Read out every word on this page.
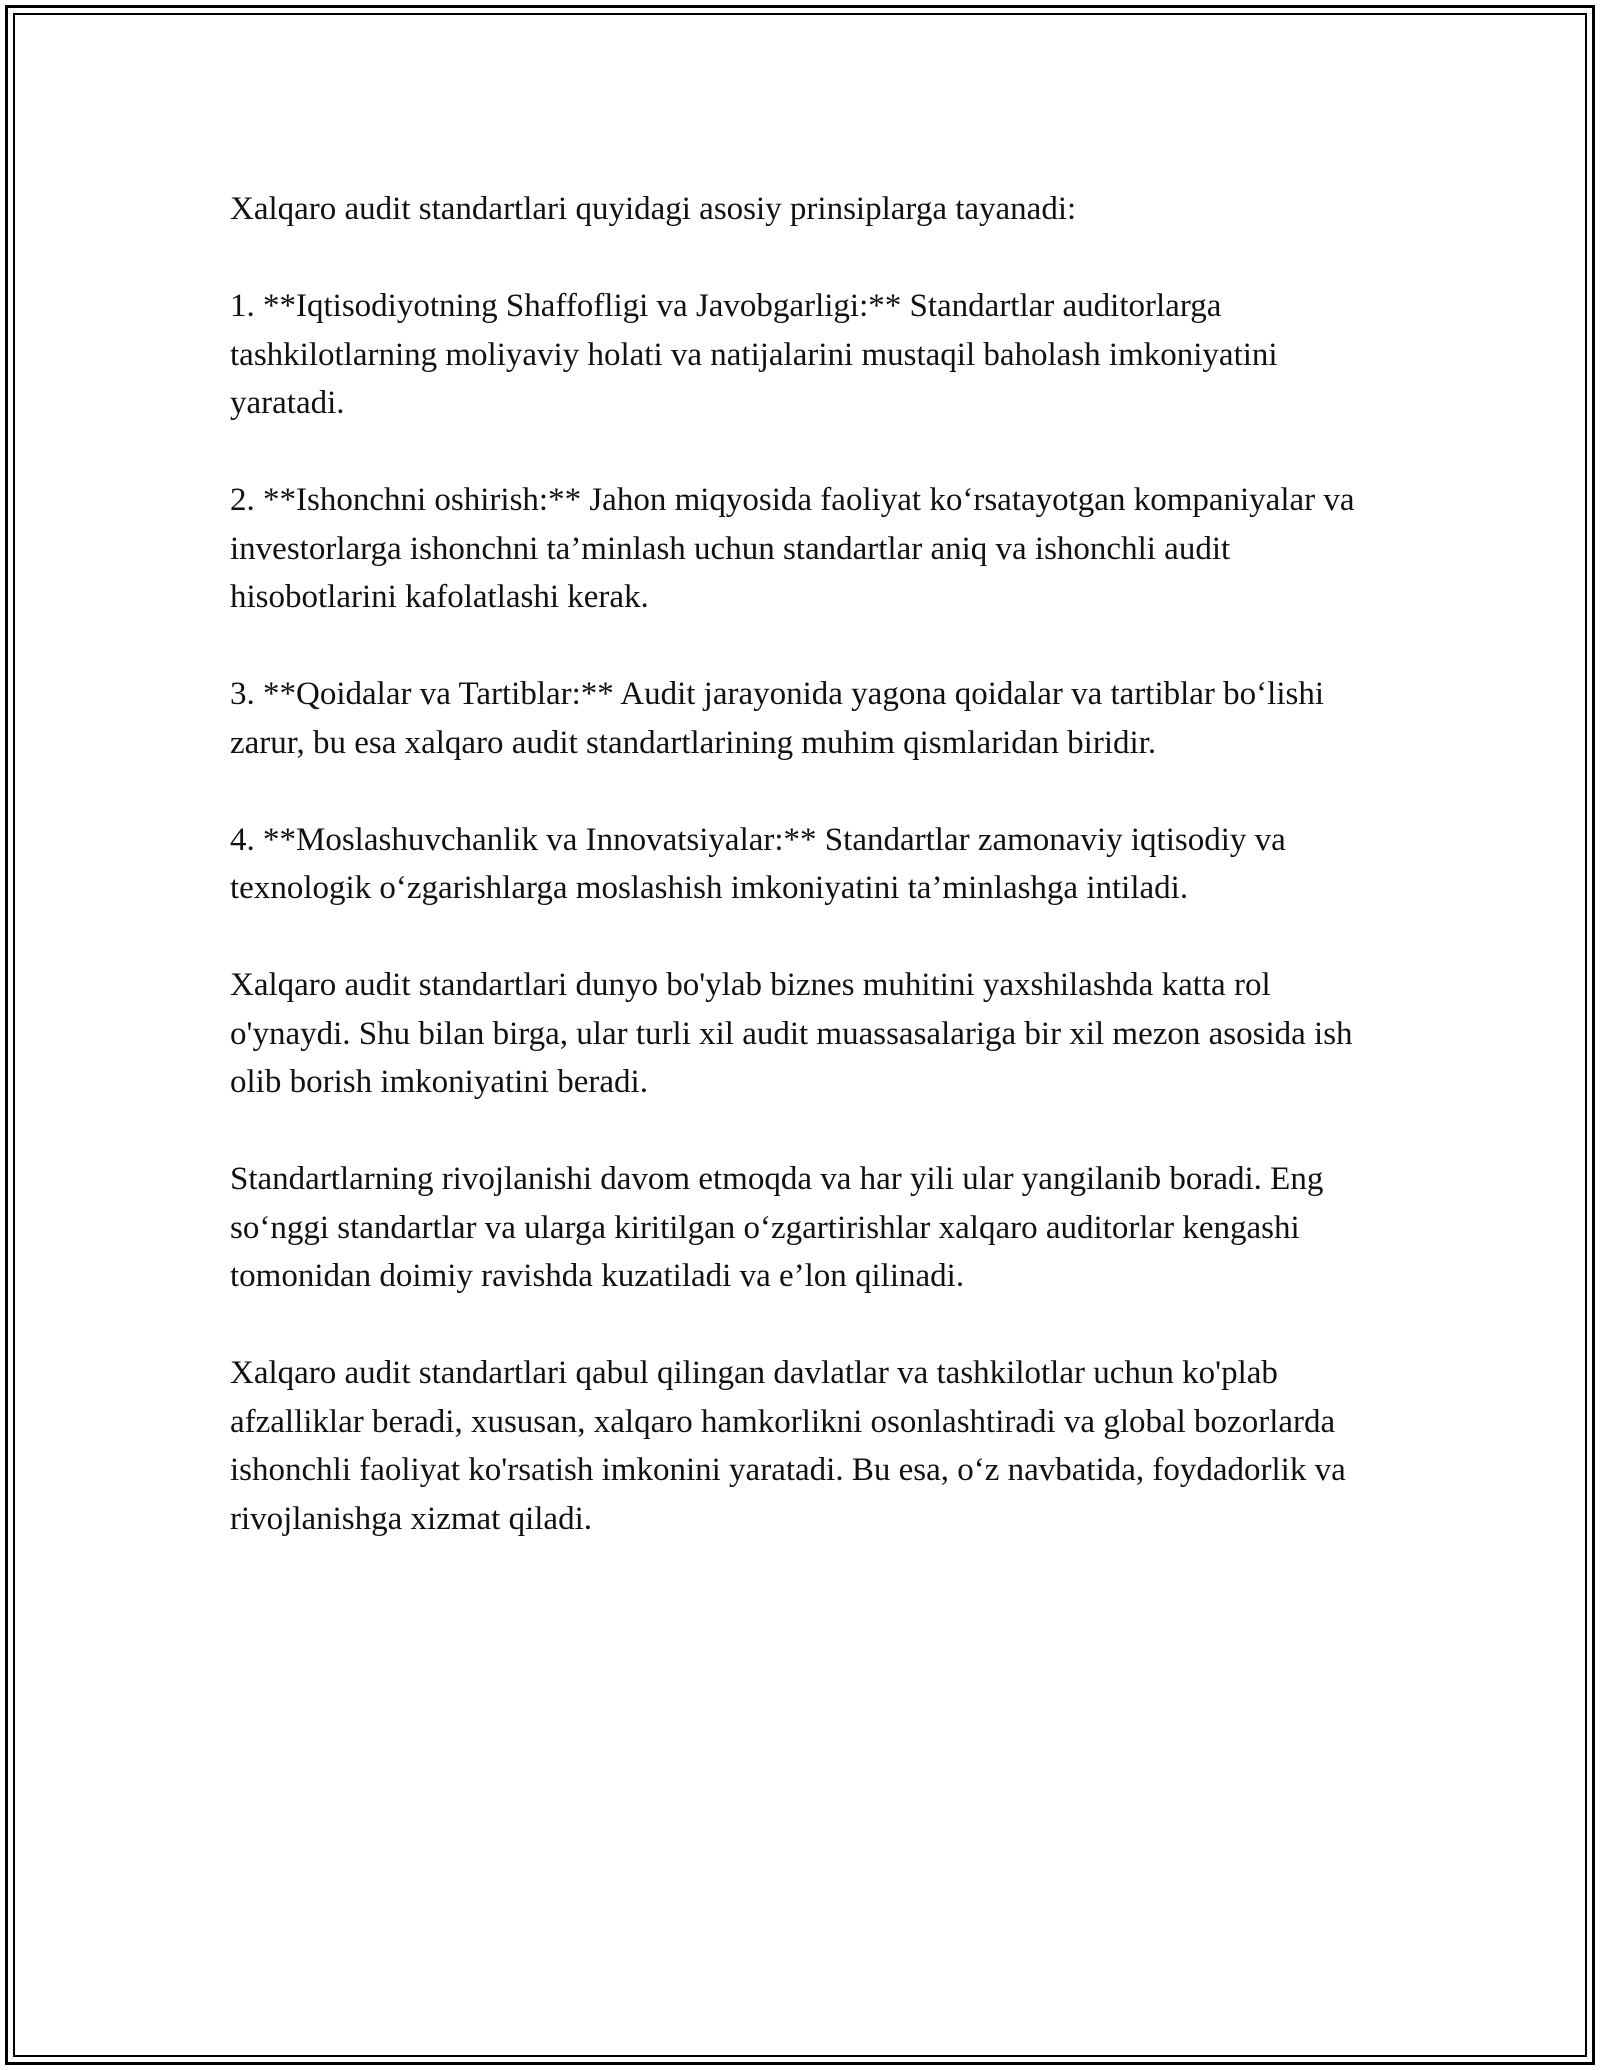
Xalqaro audit standartlari quyidagi asosiy prinsiplarga tayanadi:

1. **Iqtisodiyotning Shaffofligi va Javobgarligi:** Standartlar auditorlarga tashkilotlarning moliyaviy holati va natijalarini mustaqil baholash imkoniyatini yaratadi.

2. **Ishonchni oshirish:** Jahon miqyosida faoliyat ko‘rsatayotgan kompaniyalar va investorlarga ishonchni ta’minlash uchun standartlar aniq va ishonchli audit hisobotlarini kafolatlashi kerak.

3. **Qoidalar va Tartiblar:** Audit jarayonida yagona qoidalar va tartiblar bo‘lishi zarur, bu esa xalqaro audit standartlarining muhim qismlaridan biridir.

4. **Moslashuvchanlik va Innovatsiyalar:** Standartlar zamonaviy iqtisodiy va texnologik o‘zgarishlarga moslashish imkoniyatini ta’minlashga intiladi.

Xalqaro audit standartlari dunyo bo'ylab biznes muhitini yaxshilashda katta rol o'ynaydi. Shu bilan birga, ular turli xil audit muassasalariga bir xil mezon asosida ish olib borish imkoniyatini beradi.

Standartlarning rivojlanishi davom etmoqda va har yili ular yangilanib boradi. Eng so‘nggi standartlar va ularga kiritilgan o‘zgartirishlar xalqaro auditorlar kengashi tomonidan doimiy ravishda kuzatiladi va e’lon qilinadi.

Xalqaro audit standartlari qabul qilingan davlatlar va tashkilotlar uchun ko'plab afzalliklar beradi, xususan, xalqaro hamkorlikni osonlashtiradi va global bozorlarda ishonchli faoliyat ko'rsatish imkonini yaratadi. Bu esa, o‘z navbatida, foydadorlik va rivojlanishga xizmat qiladi.
